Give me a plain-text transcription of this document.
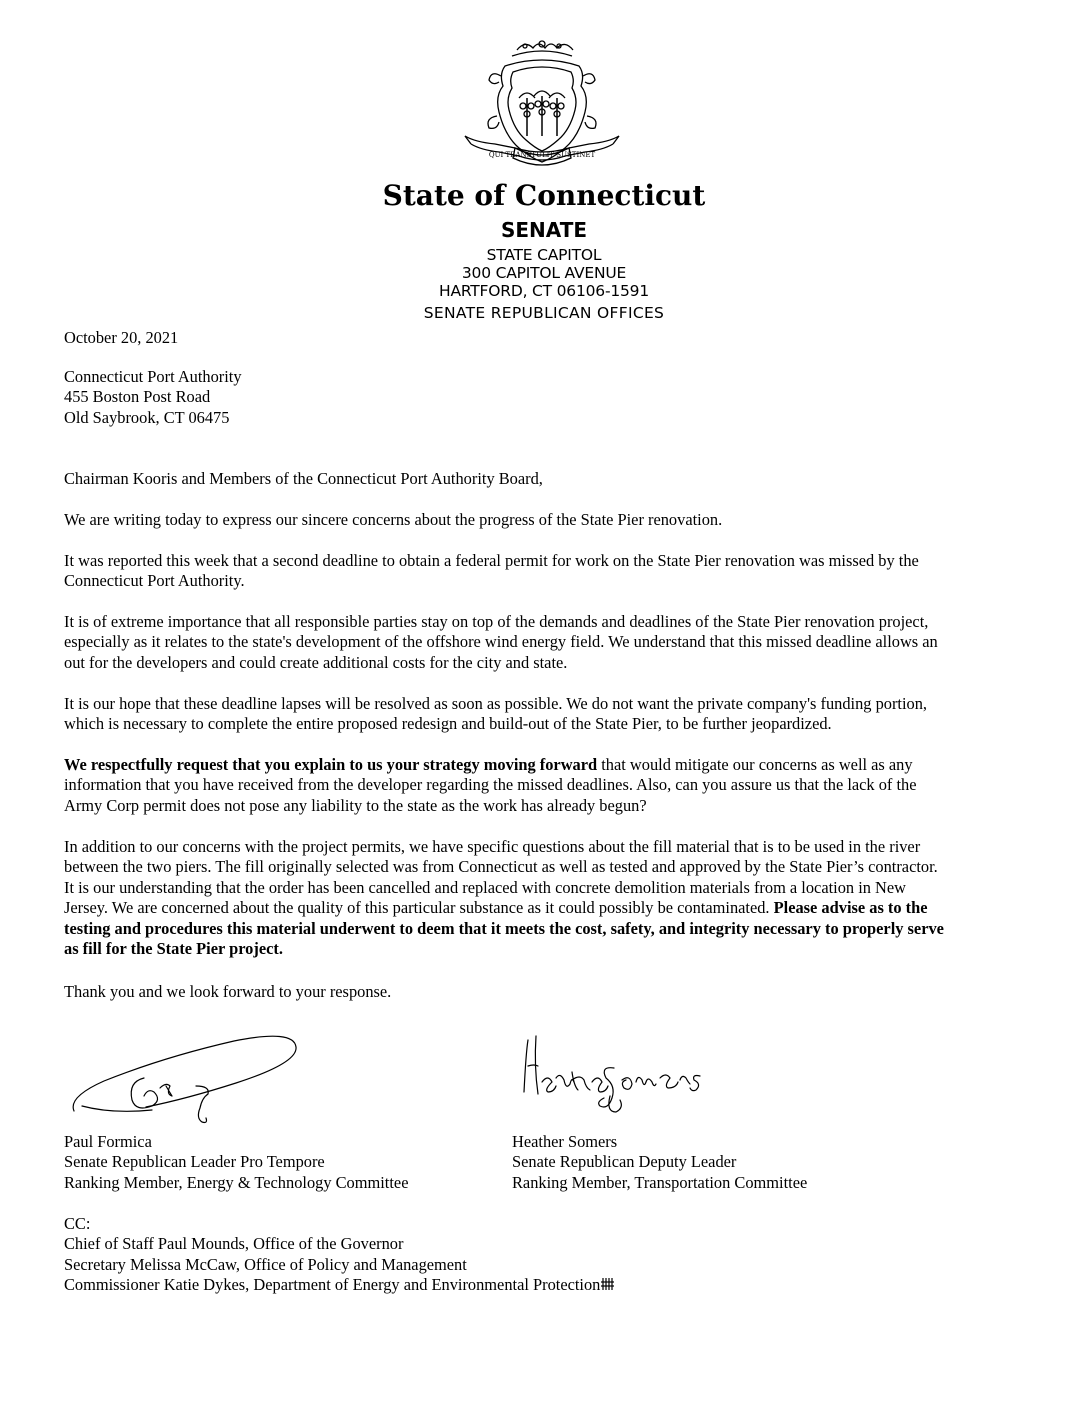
QUI TRANSTULIT SUSTINET
State of Connecticut
SENATE
STATE CAPITOL
300 CAPITOL AVENUE
HARTFORD, CT 06106-1591
SENATE REPUBLICAN OFFICES
October 20, 2021
Connecticut Port Authority
455 Boston Post Road
Old Saybrook, CT 06475
Chairman Kooris and Members of the Connecticut Port Authority Board,
We are writing today to express our sincere concerns about the progress of the State Pier renovation.
It was reported this week that a second deadline to obtain a federal permit for work on the State Pier renovation was missed by the
Connecticut Port Authority.
It is of extreme importance that all responsible parties stay on top of the demands and deadlines of the State Pier renovation project,
especially as it relates to the state's development of the offshore wind energy field. We understand that this missed deadline allows an
out for the developers and could create additional costs for the city and state.
It is our hope that these deadline lapses will be resolved as soon as possible. We do not want the private company's funding portion,
which is necessary to complete the entire proposed redesign and build-out of the State Pier, to be further jeopardized.
We respectfully request that you explain to us your strategy moving forward that would mitigate our concerns as well as any
information that you have received from the developer regarding the missed deadlines. Also, can you assure us that the lack of the
Army Corp permit does not pose any liability to the state as the work has already begun?
In addition to our concerns with the project permits, we have specific questions about the fill material that is to be used in the river
between the two piers. The fill originally selected was from Connecticut as well as tested and approved by the State Pier’s contractor.
It is our understanding that the order has been cancelled and replaced with concrete demolition materials from a location in New
Jersey. We are concerned about the quality of this particular substance as it could possibly be contaminated. Please advise as to the
testing and procedures this material underwent to deem that it meets the cost, safety, and integrity necessary to properly serve
as fill for the State Pier project.
Thank you and we look forward to your response.
Paul Formica
Senate Republican Leader Pro Tempore
Ranking Member, Energy & Technology Committee
Heather Somers
Senate Republican Deputy Leader
Ranking Member, Transportation Committee
CC:
Chief of Staff Paul Mounds, Office of the Governor
Secretary Melissa McCaw, Office of Policy and Management
Commissioner Katie Dykes, Department of Energy and Environmental Protection
